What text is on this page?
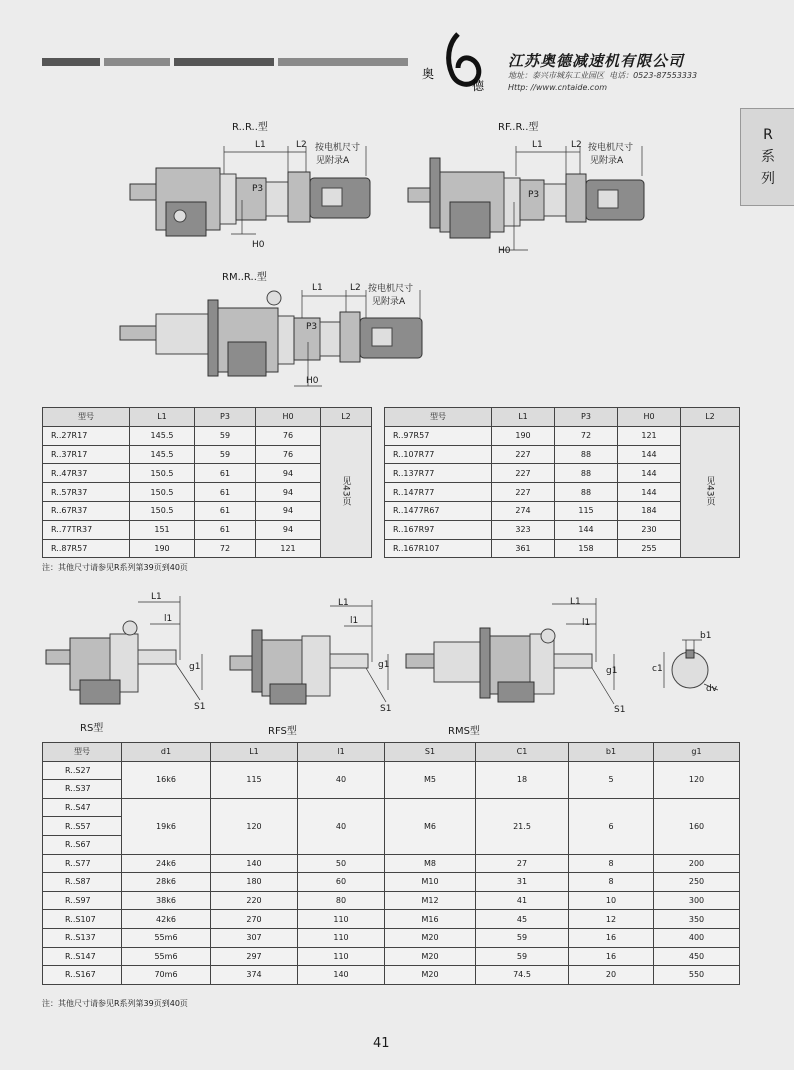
奥
德
江苏奥德减速机有限公司
地址：泰兴市城东工业园区 电话：0523-87553333
Http: //www.cntaide.com
R
系
列
R..R..型
L1	L2 按电机尺寸
见附录A
P3
H0
RF..R..型
L1	L2 按电机尺寸
见附录A
P3
H0
RM..R..型
L1	L2 按电机尺寸
见附录A
P3
H0
型号	L1	P3	H0	L2
R..27R17	145.5	59	76	见43页
R..37R17	145.5	59	76	
R..47R37	150.5	61	94	
R..57R37	150.5	61	94	
R..67R37	150.5	61	94	
R..77TR37	151	61	94	
R..87R57	190	72	121	
型号	L1	P3	H0	L2
R..97R57	190	72	121	见43页
R..107R77	227	88	144	
R..137R77	227	88	144	
R..147R77	227	88	144	
R..1477R67	274	115	184	
R..167R97	323	144	230	
R..167R107	361	158	255	
注：其他尺寸请参见R系列第39页到40页
L1
l1
g1
S1
RS型
L1
l1
g1
S1
RFS型
L1
l1
g1
S1
RMS型
b1
c1
dv
型号	d1	L1	l1	S1	C1	b1	g1
R..S27	16k6	115	40	M5	18	5	120
R..S37							
R..S47	19k6	120	40	M6	21.5	6	160
R..S57							
R..S67							
R..S77	24k6	140	50	M8	27	8	200
R..S87	28k6	180	60	M10	31	8	250
R..S97	38k6	220	80	M12	41	10	300
R..S107	42k6	270	110	M16	45	12	350
R..S137	55m6	307	110	M20	59	16	400
R..S147	55m6	297	110	M20	59	16	450
R..S167	70m6	374	140	M20	74.5	20	550
注：其他尺寸请参见R系列第39页到40页
41
